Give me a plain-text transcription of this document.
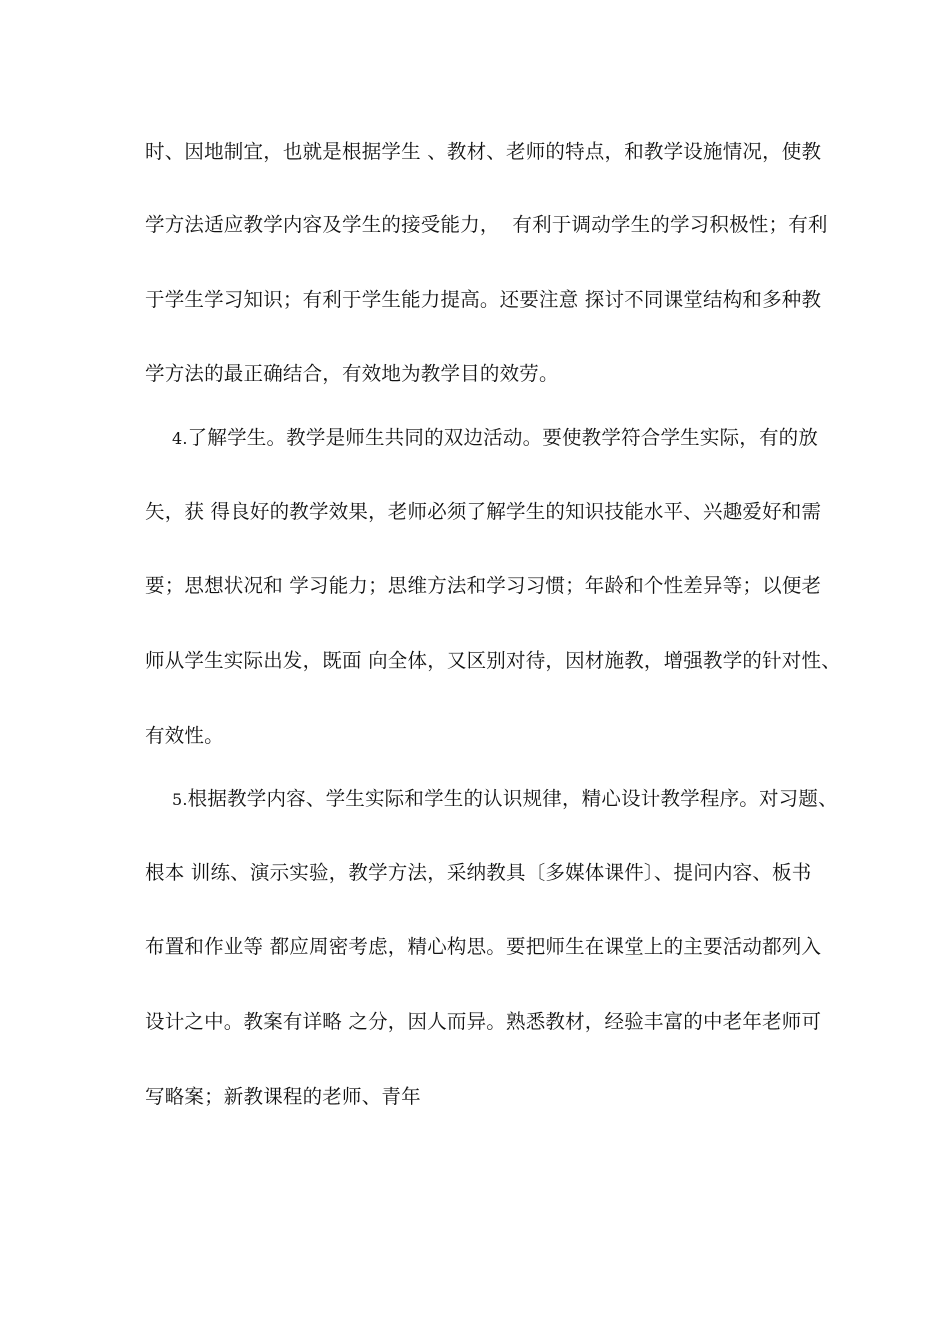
时、因地制宜，也就是根据学生 、教材、老师的特点，和教学设施情况，使教
学方法适应教学内容及学生的接受能力，  有利于调动学生的学习积极性；有利
于学生学习知识；有利于学生能力提高。还要注意 探讨不同课堂结构和多种教
学方法的最正确结合，有效地为教学目的效劳。
4.了解学生。教学是师生共同的双边活动。要使教学符合学生实际，有的放
矢，获 得良好的教学效果，老师必须了解学生的知识技能水平、兴趣爱好和需
要；思想状况和 学习能力；思维方法和学习习惯；年龄和个性差异等；以便老
师从学生实际出发，既面 向全体，又区别对待，因材施教，增强教学的针对性、
有效性。
5.根据教学内容、学生实际和学生的认识规律，精心设计教学程序。对习题、
根本 训练、演示实验，教学方法，采纳教具〔多媒体课件〕、提问内容、板书
布置和作业等 都应周密考虑，精心构思。要把师生在课堂上的主要活动都列入
设计之中。教案有详略 之分，因人而异。熟悉教材，经验丰富的中老年老师可
写略案；新教课程的老师、青年
